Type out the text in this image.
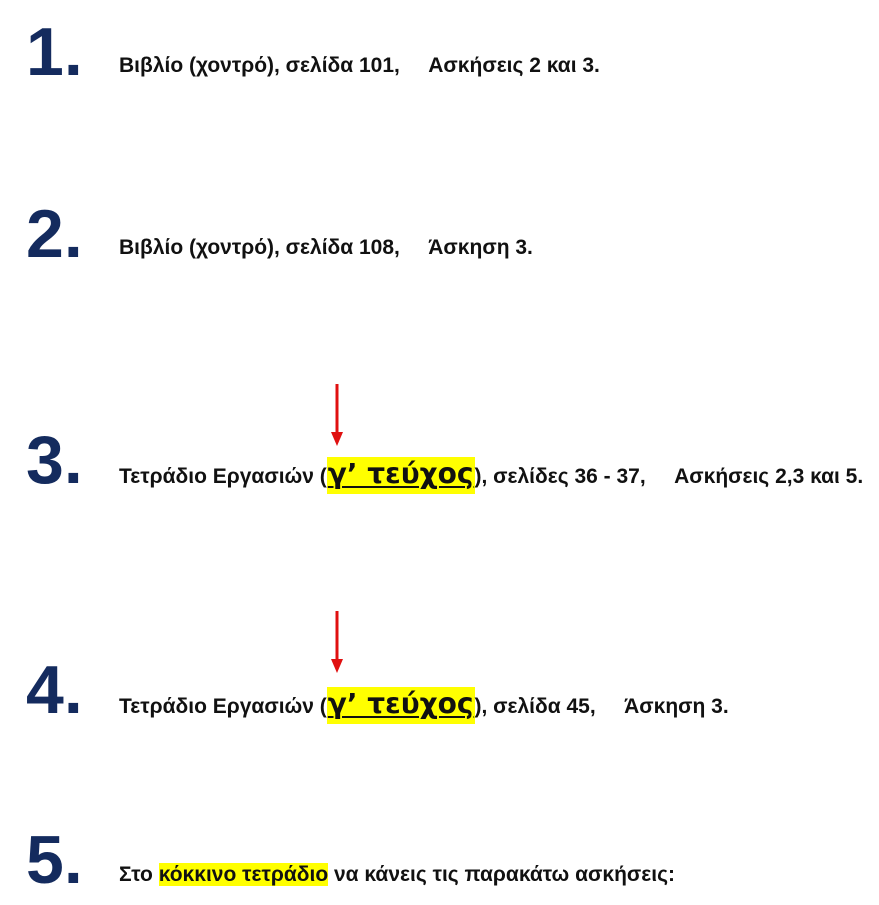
1. Βιβλίο (χοντρό), σελίδα 101,     Ασκήσεις 2 και 3.
2. Βιβλίο (χοντρό), σελίδα 108,     Άσκηση 3.
3. Τετράδιο Εργασιών (γ’ τεύχος), σελίδες 36 - 37,     Ασκήσεις 2,3 και 5.
4. Τετράδιο Εργασιών (γ’ τεύχος), σελίδα 45,     Άσκηση 3.
5. Στο κόκκινο τετράδιο να κάνεις τις παρακάτω ασκήσεις:
